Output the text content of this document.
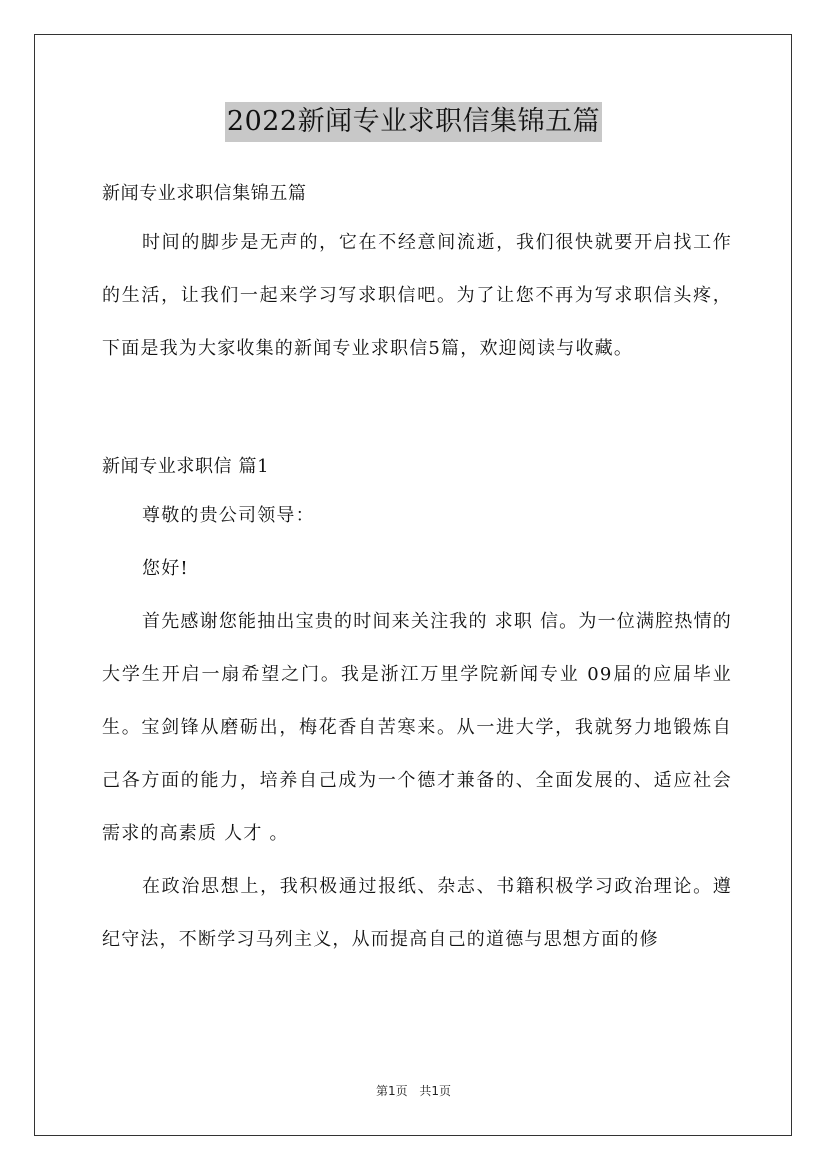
2022新闻专业求职信集锦五篇

新闻专业求职信集锦五篇

时间的脚步是无声的，它在不经意间流逝，我们很快就要开启找工作的生活，让我们一起来学习写求职信吧。为了让您不再为写求职信头疼，下面是我为大家收集的新闻专业求职信5篇，欢迎阅读与收藏。

新闻专业求职信 篇1

尊敬的贵公司领导：

您好!

首先感谢您能抽出宝贵的时间来关注我的 求职 信。为一位满腔热情的大学生开启一扇希望之门。我是浙江万里学院新闻专业 09届的应届毕业生。宝剑锋从磨砺出，梅花香自苦寒来。从一进大学，我就努力地锻炼自己各方面的能力，培养自己成为一个德才兼备的、全面发展的、适应社会需求的高素质 人才 。

在政治思想上，我积极通过报纸、杂志、书籍积极学习政治理论。遵纪守法，不断学习马列主义，从而提高自己的道德与思想方面的修

第1页 共1页
